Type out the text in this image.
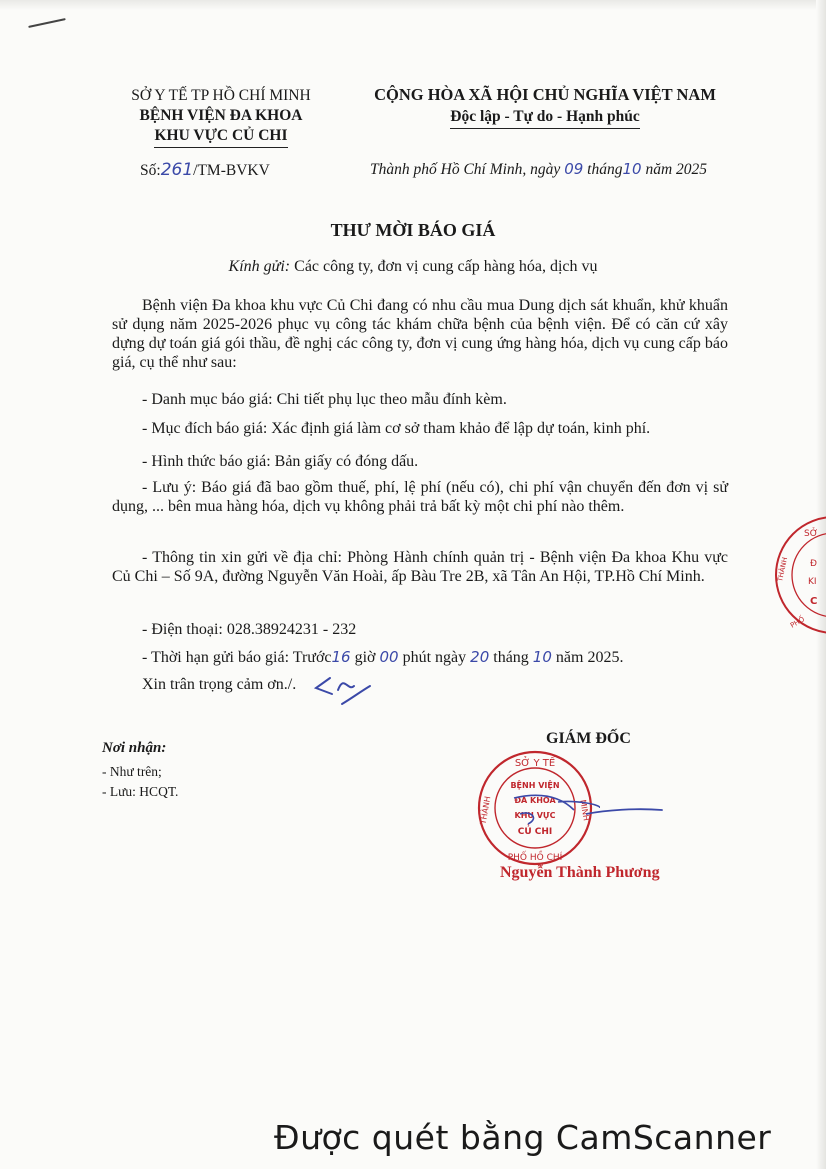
SỞ Y TẾ TP HỒ CHÍ MINH
BỆNH VIỆN ĐA KHOA
KHU VỰC CỦ CHI
CỘNG HÒA XÃ HỘI CHỦ NGHĨA VIỆT NAM
Độc lập - Tự do - Hạnh phúc
Số:261/TM-BVKV	Thành phố Hồ Chí Minh, ngày 09 tháng10 năm 2025
THƯ MỜI BÁO GIÁ
Kính gửi: Các công ty, đơn vị cung cấp hàng hóa, dịch vụ
Bệnh viện Đa khoa khu vực Củ Chi đang có nhu cầu mua Dung dịch sát khuẩn, khử khuẩn sử dụng năm 2025-2026 phục vụ công tác khám chữa bệnh của bệnh viện. Để có căn cứ xây dựng dự toán giá gói thầu, đề nghị các công ty, đơn vị cung ứng hàng hóa, dịch vụ cung cấp báo giá, cụ thể như sau:
- Danh mục báo giá: Chi tiết phụ lục theo mẫu đính kèm.
- Mục đích báo giá: Xác định giá làm cơ sở tham khảo để lập dự toán, kinh phí.
- Hình thức báo giá: Bản giấy có đóng dấu.
- Lưu ý: Báo giá đã bao gồm thuế, phí, lệ phí (nếu có), chi phí vận chuyển đến đơn vị sử dụng, ... bên mua hàng hóa, dịch vụ không phải trả bất kỳ một chi phí nào thêm.
- Thông tin xin gửi về địa chỉ: Phòng Hành chính quản trị - Bệnh viện Đa khoa Khu vực Củ Chi – Số 9A, đường Nguyễn Văn Hoài, ấp Bàu Tre 2B, xã Tân An Hội, TP.Hồ Chí Minh.
- Điện thoại: 028.38924231 - 232
- Thời hạn gửi báo giá: Trước16 giờ 00 phút ngày 20 tháng 10 năm 2025.
Xin trân trọng cảm ơn./.
Nơi nhận:
- Như trên;
- Lưu: HCQT.
GIÁM ĐỐC
SỞ Y TẾ
THÀNH	MINH
PHỐ HỒ CHÍ
BỆNH VIỆN
ĐA KHOA
KHU VỰC
CỦ CHI
Nguyễn Thành Phương
SỞ
Đ
KI
C
THÀNH
PHỐ
Được quét bằng CamScanner
